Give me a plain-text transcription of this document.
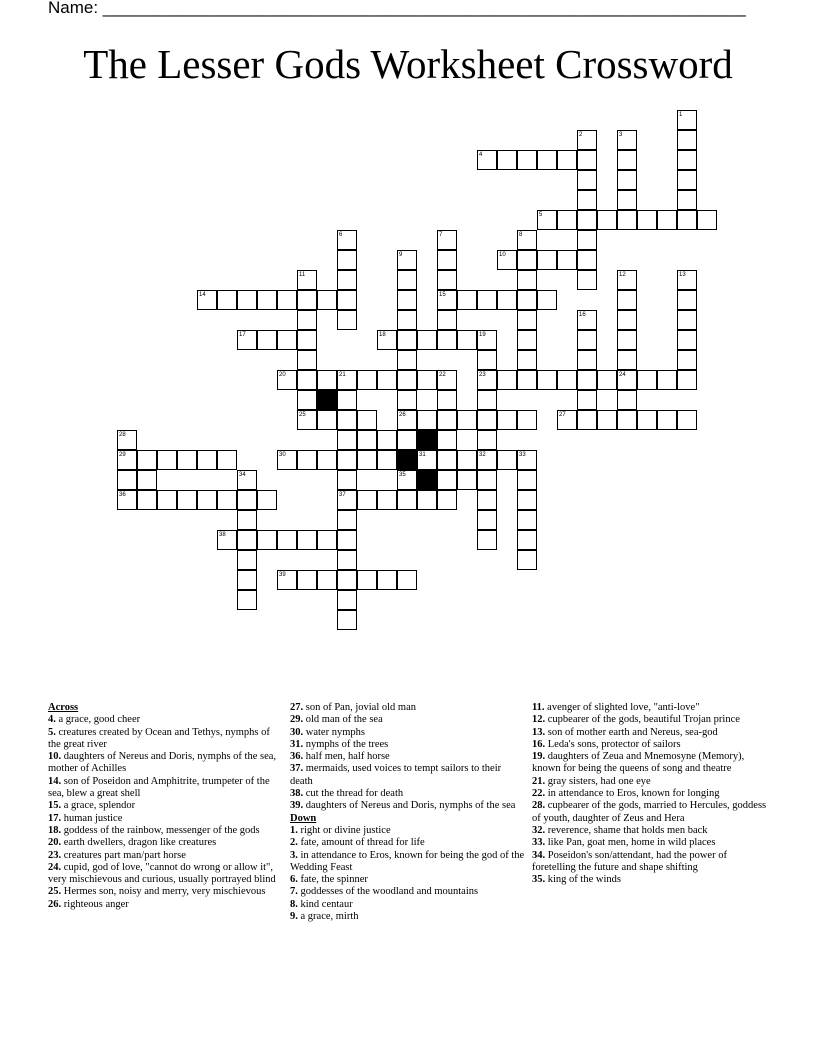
Name: ____________________________________________________________________
The Lesser Gods Worksheet Crossword
1
2	3
4
5
6	7	8
9	10
11	12	13
14	15
16
17	18	19
20	21	22	23	24
25	26	27
28
29	30	31	32	33
34	35
36	37
38
39
Across
4. a grace, good cheer
5. creatures created by Ocean and Tethys, nymphs of the great river
10. daughters of Nereus and Doris, nymphs of the sea, mother of Achilles
14. son of Poseidon and Amphitrite, trumpeter of the sea, blew a great shell
15. a grace, splendor
17. human justice
18. goddess of the rainbow, messenger of the gods
20. earth dwellers, dragon like creatures
23. creatures part man/part horse
24. cupid, god of love, "cannot do wrong or allow it", very mischievous and curious, usually portrayed blind
25. Hermes son, noisy and merry, very mischievous
26. righteous anger
27. son of Pan, jovial old man
29. old man of the sea
30. water nymphs
31. nymphs of the trees
36. half men, half horse
37. mermaids, used voices to tempt sailors to their death
38. cut the thread for death
39. daughters of Nereus and Doris, nymphs of the sea
Down
1. right or divine justice
2. fate, amount of thread for life
3. in attendance to Eros, known for being the god of the Wedding Feast
6. fate, the spinner
7. goddesses of the woodland and mountains
8. kind centaur
9. a grace, mirth
11. avenger of slighted love, "anti-love"
12. cupbearer of the gods, beautiful Trojan prince
13. son of mother earth and Nereus, sea-god
16. Leda's sons, protector of sailors
19. daughters of Zeua and Mnemosyne (Memory), known for being the queens of song and theatre
21. gray sisters, had one eye
22. in attendance to Eros, known for longing
28. cupbearer of the gods, married to Hercules, goddess of youth, daughter of Zeus and Hera
32. reverence, shame that holds men back
33. like Pan, goat men, home in wild places
34. Poseidon's son/attendant, had the power of foretelling the future and shape shifting
35. king of the winds
